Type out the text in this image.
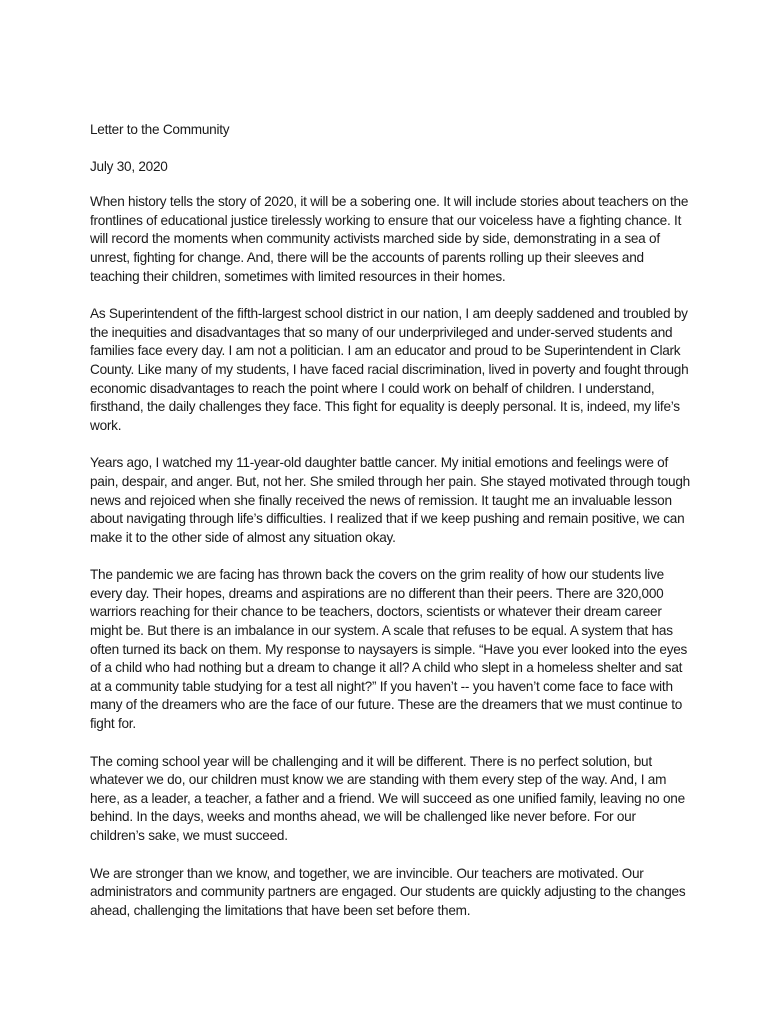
Letter to the Community

July 30, 2020

When history tells the story of 2020, it will be a sobering one. It will include stories about teachers on the frontlines of educational justice tirelessly working to ensure that our voiceless have a fighting chance. It will record the moments when community activists marched side by side, demonstrating in a sea of unrest, fighting for change. And, there will be the accounts of parents rolling up their sleeves and teaching their children, sometimes with limited resources in their homes.

As Superintendent of the fifth-largest school district in our nation, I am deeply saddened and troubled by the inequities and disadvantages that so many of our underprivileged and under-served students and families face every day. I am not a politician. I am an educator and proud to be Superintendent in Clark County. Like many of my students, I have faced racial discrimination, lived in poverty and fought through economic disadvantages to reach the point where I could work on behalf of children. I understand, firsthand, the daily challenges they face. This fight for equality is deeply personal. It is, indeed, my life’s work.

Years ago, I watched my 11-year-old daughter battle cancer. My initial emotions and feelings were of pain, despair, and anger. But, not her. She smiled through her pain. She stayed motivated through tough news and rejoiced when she finally received the news of remission. It taught me an invaluable lesson about navigating through life’s difficulties. I realized that if we keep pushing and remain positive, we can make it to the other side of almost any situation okay.

The pandemic we are facing has thrown back the covers on the grim reality of how our students live every day. Their hopes, dreams and aspirations are no different than their peers. There are 320,000 warriors reaching for their chance to be teachers, doctors, scientists or whatever their dream career might be. But there is an imbalance in our system. A scale that refuses to be equal. A system that has often turned its back on them. My response to naysayers is simple. “Have you ever looked into the eyes of a child who had nothing but a dream to change it all? A child who slept in a homeless shelter and sat at a community table studying for a test all night?” If you haven’t -- you haven’t come face to face with many of the dreamers who are the face of our future. These are the dreamers that we must continue to fight for.

The coming school year will be challenging and it will be different. There is no perfect solution, but whatever we do, our children must know we are standing with them every step of the way. And, I am here, as a leader, a teacher, a father and a friend. We will succeed as one unified family, leaving no one behind. In the days, weeks and months ahead, we will be challenged like never before. For our children’s sake, we must succeed.

We are stronger than we know, and together, we are invincible. Our teachers are motivated. Our administrators and community partners are engaged. Our students are quickly adjusting to the changes ahead, challenging the limitations that have been set before them.
